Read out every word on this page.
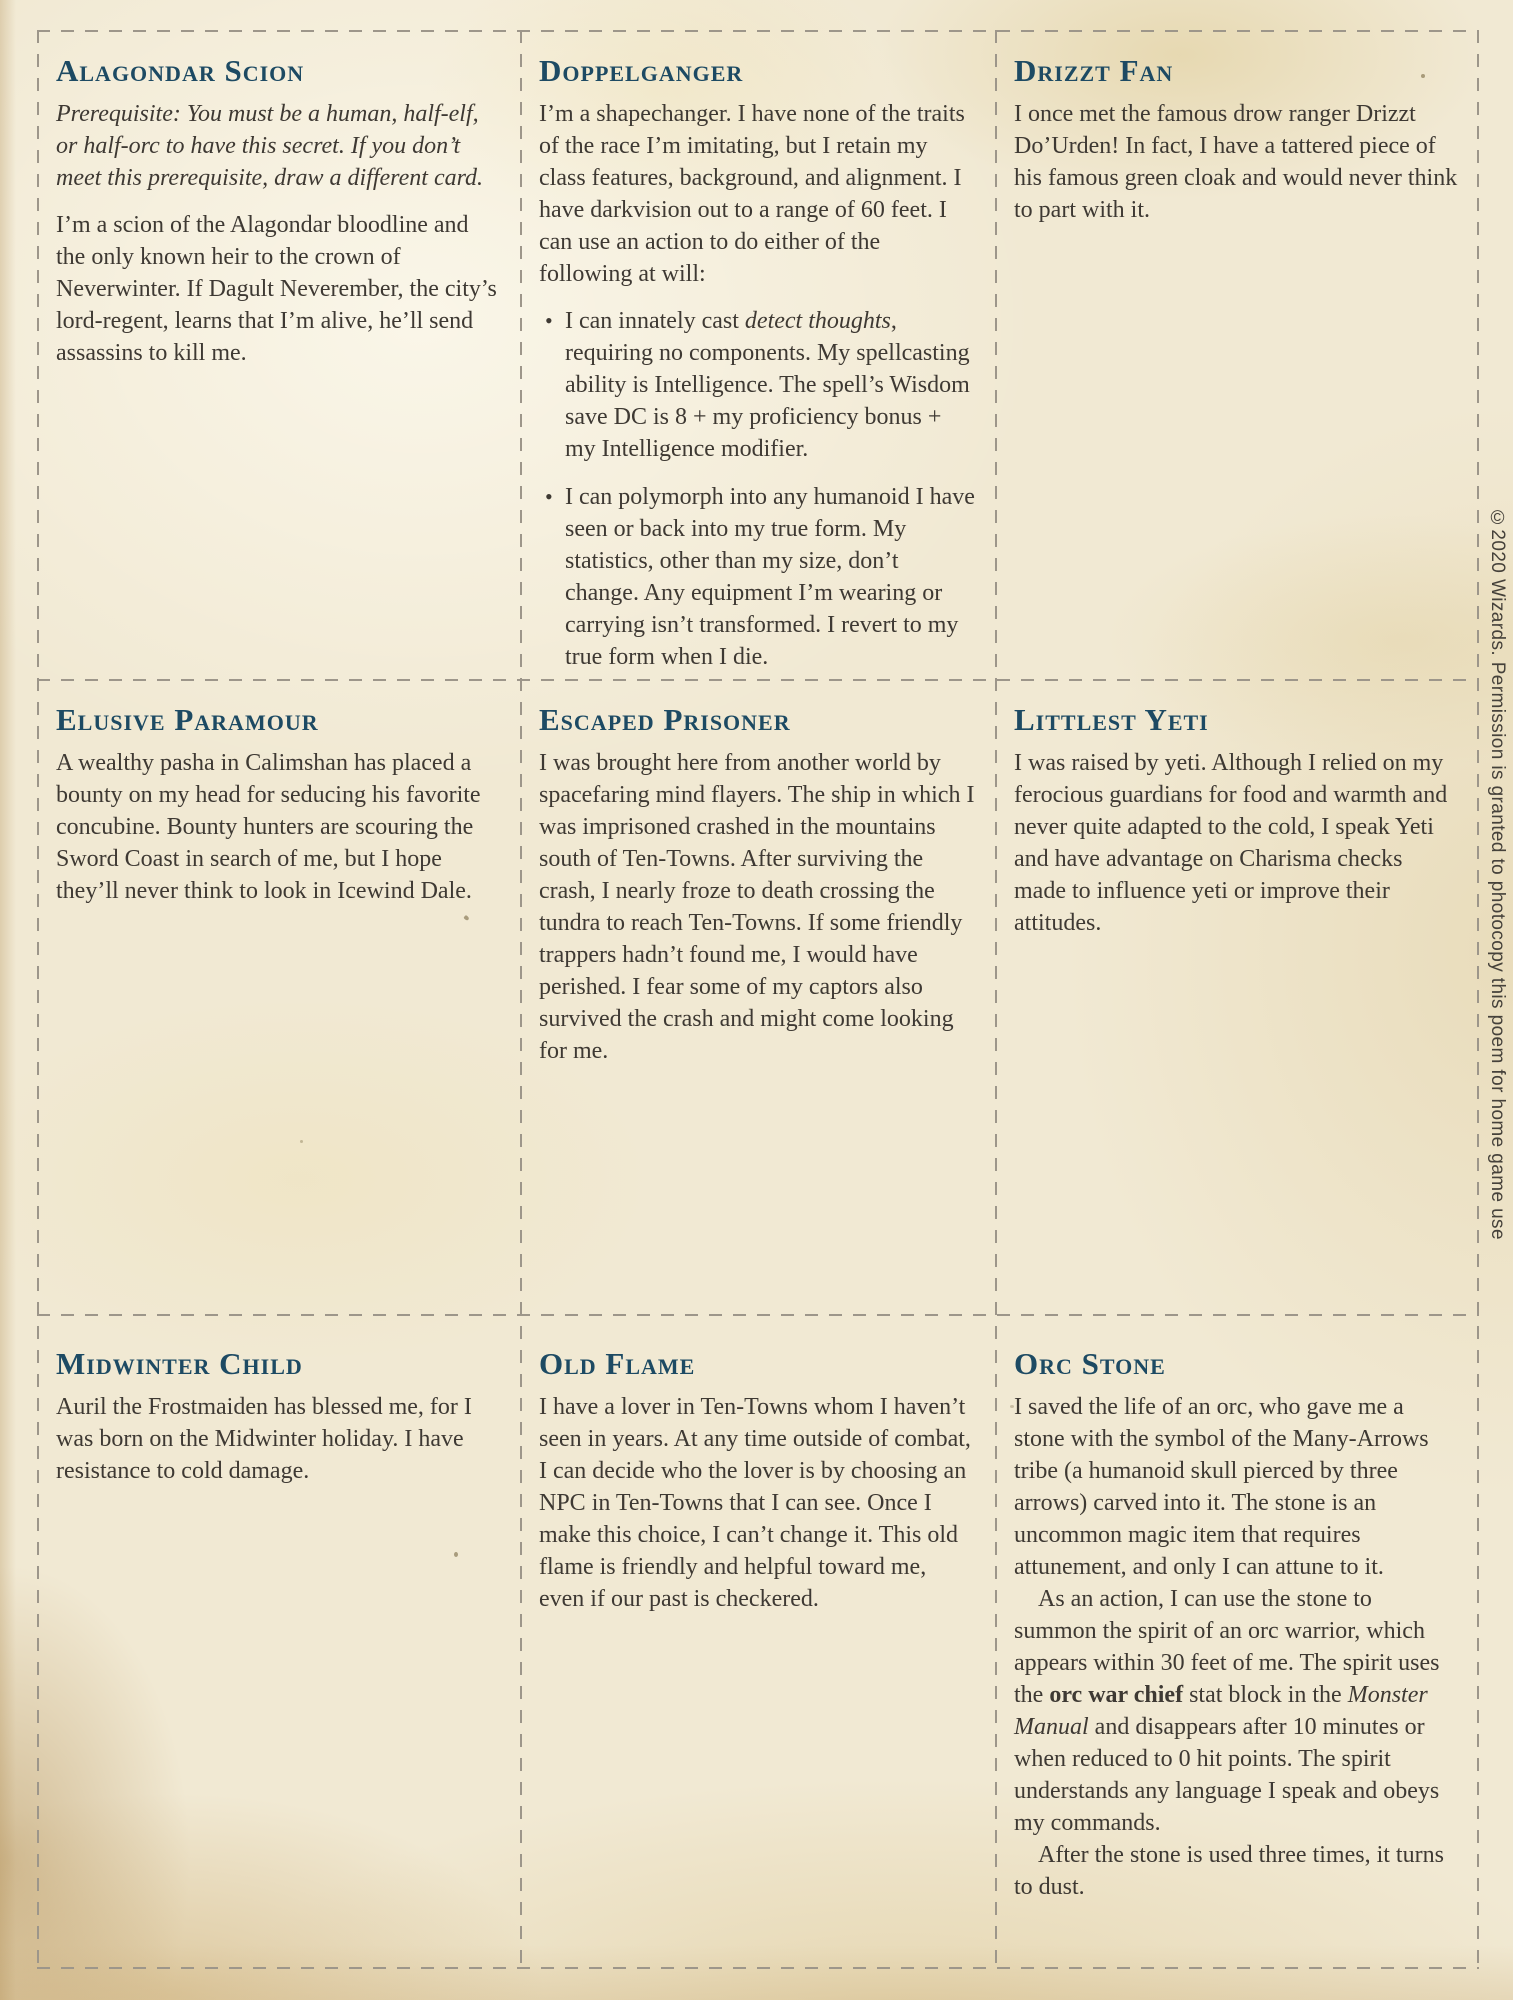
Alagondar Scion

Prerequisite: You must be a human, half-elf, or half-orc to have this secret. If you don’t meet this prerequisite, draw a different card.

I’m a scion of the Alagondar bloodline and the only known heir to the crown of Neverwinter. If Dagult Neverember, the city’s lord-regent, learns that I’m alive, he’ll send assassins to kill me.

Doppelganger

I’m a shapechanger. I have none of the traits of the race I’m imitating, but I retain my class features, background, and alignment. I have darkvision out to a range of 60 feet. I can use an action to do either of the following at will:

• I can innately cast detect thoughts, requiring no components. My spellcasting ability is Intelligence. The spell’s Wisdom save DC is 8 + my proficiency bonus + my Intelligence modifier.
• I can polymorph into any humanoid I have seen or back into my true form. My statistics, other than my size, don’t change. Any equipment I’m wearing or carrying isn’t transformed. I revert to my true form when I die.
Drizzt Fan

I once met the famous drow ranger Drizzt Do’Urden! In fact, I have a tattered piece of his famous green cloak and would never think to part with it.

Elusive Paramour

A wealthy pasha in Calimshan has placed a bounty on my head for seducing his favorite concubine. Bounty hunters are scouring the Sword Coast in search of me, but I hope they’ll never think to look in Icewind Dale.

Escaped Prisoner

I was brought here from another world by spacefaring mind flayers. The ship in which I was imprisoned crashed in the mountains south of Ten-Towns. After surviving the crash, I nearly froze to death crossing the tundra to reach Ten-Towns. If some friendly trappers hadn’t found me, I would have perished. I fear some of my captors also survived the crash and might come looking for me.

Littlest Yeti

I was raised by yeti. Although I relied on my ferocious guardians for food and warmth and never quite adapted to the cold, I speak Yeti and have advantage on Charisma checks made to influence yeti or improve their attitudes.

Midwinter Child

Auril the Frostmaiden has blessed me, for I was born on the Midwinter holiday. I have resistance to cold damage.

Old Flame

I have a lover in Ten-Towns whom I haven’t seen in years. At any time outside of combat, I can decide who the lover is by choosing an NPC in Ten-Towns that I can see. Once I make this choice, I can’t change it. This old flame is friendly and helpful toward me, even if our past is checkered.

Orc Stone

I saved the life of an orc, who gave me a stone with the symbol of the Many-Arrows tribe (a humanoid skull pierced by three arrows) carved into it. The stone is an uncommon magic item that requires attunement, and only I can attune to it.

As an action, I can use the stone to summon the spirit of an orc warrior, which appears within 30 feet of me. The spirit uses the orc war chief stat block in the Monster Manual and disappears after 10 minutes or when reduced to 0 hit points. The spirit understands any language I speak and obeys my commands.

After the stone is used three times, it turns to dust.

©2020 Wizards. Permission is granted to photocopy this poem for home game use
